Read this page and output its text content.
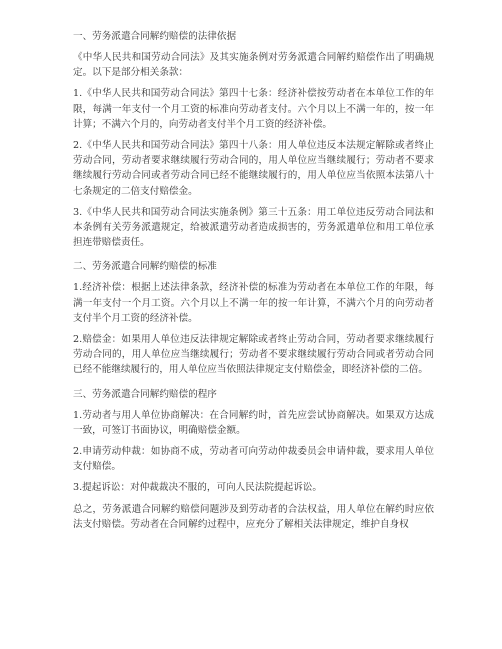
一、劳务派遣合同解约赔偿的法律依据

《中华人民共和国劳动合同法》及其实施条例对劳务派遣合同解约赔偿作出了明确规定。以下是部分相关条款：

1.《中华人民共和国劳动合同法》第四十七条：经济补偿按劳动者在本单位工作的年限，每满一年支付一个月工资的标准向劳动者支付。六个月以上不满一年的，按一年计算；不满六个月的，向劳动者支付半个月工资的经济补偿。

2.《中华人民共和国劳动合同法》第四十八条：用人单位违反本法规定解除或者终止劳动合同，劳动者要求继续履行劳动合同的，用人单位应当继续履行；劳动者不要求继续履行劳动合同或者劳动合同已经不能继续履行的，用人单位应当依照本法第八十七条规定的二倍支付赔偿金。

3.《中华人民共和国劳动合同法实施条例》第三十五条：用工单位违反劳动合同法和本条例有关劳务派遣规定，给被派遣劳动者造成损害的，劳务派遣单位和用工单位承担连带赔偿责任。

二、劳务派遣合同解约赔偿的标准

1.经济补偿：根据上述法律条款，经济补偿的标准为劳动者在本单位工作的年限，每满一年支付一个月工资。六个月以上不满一年的按一年计算，不满六个月的向劳动者支付半个月工资的经济补偿。

2.赔偿金：如果用人单位违反法律规定解除或者终止劳动合同，劳动者要求继续履行劳动合同的，用人单位应当继续履行；劳动者不要求继续履行劳动合同或者劳动合同已经不能继续履行的，用人单位应当依照法律规定支付赔偿金，即经济补偿的二倍。

三、劳务派遣合同解约赔偿的程序

1.劳动者与用人单位协商解决：在合同解约时，首先应尝试协商解决。如果双方达成一致，可签订书面协议，明确赔偿金额。

2.申请劳动仲裁：如协商不成，劳动者可向劳动仲裁委员会申请仲裁，要求用人单位支付赔偿。

3.提起诉讼：对仲裁裁决不服的，可向人民法院提起诉讼。

总之，劳务派遣合同解约赔偿问题涉及到劳动者的合法权益，用人单位在解约时应依法支付赔偿。劳动者在合同解约过程中，应充分了解相关法律规定，维护自身权
